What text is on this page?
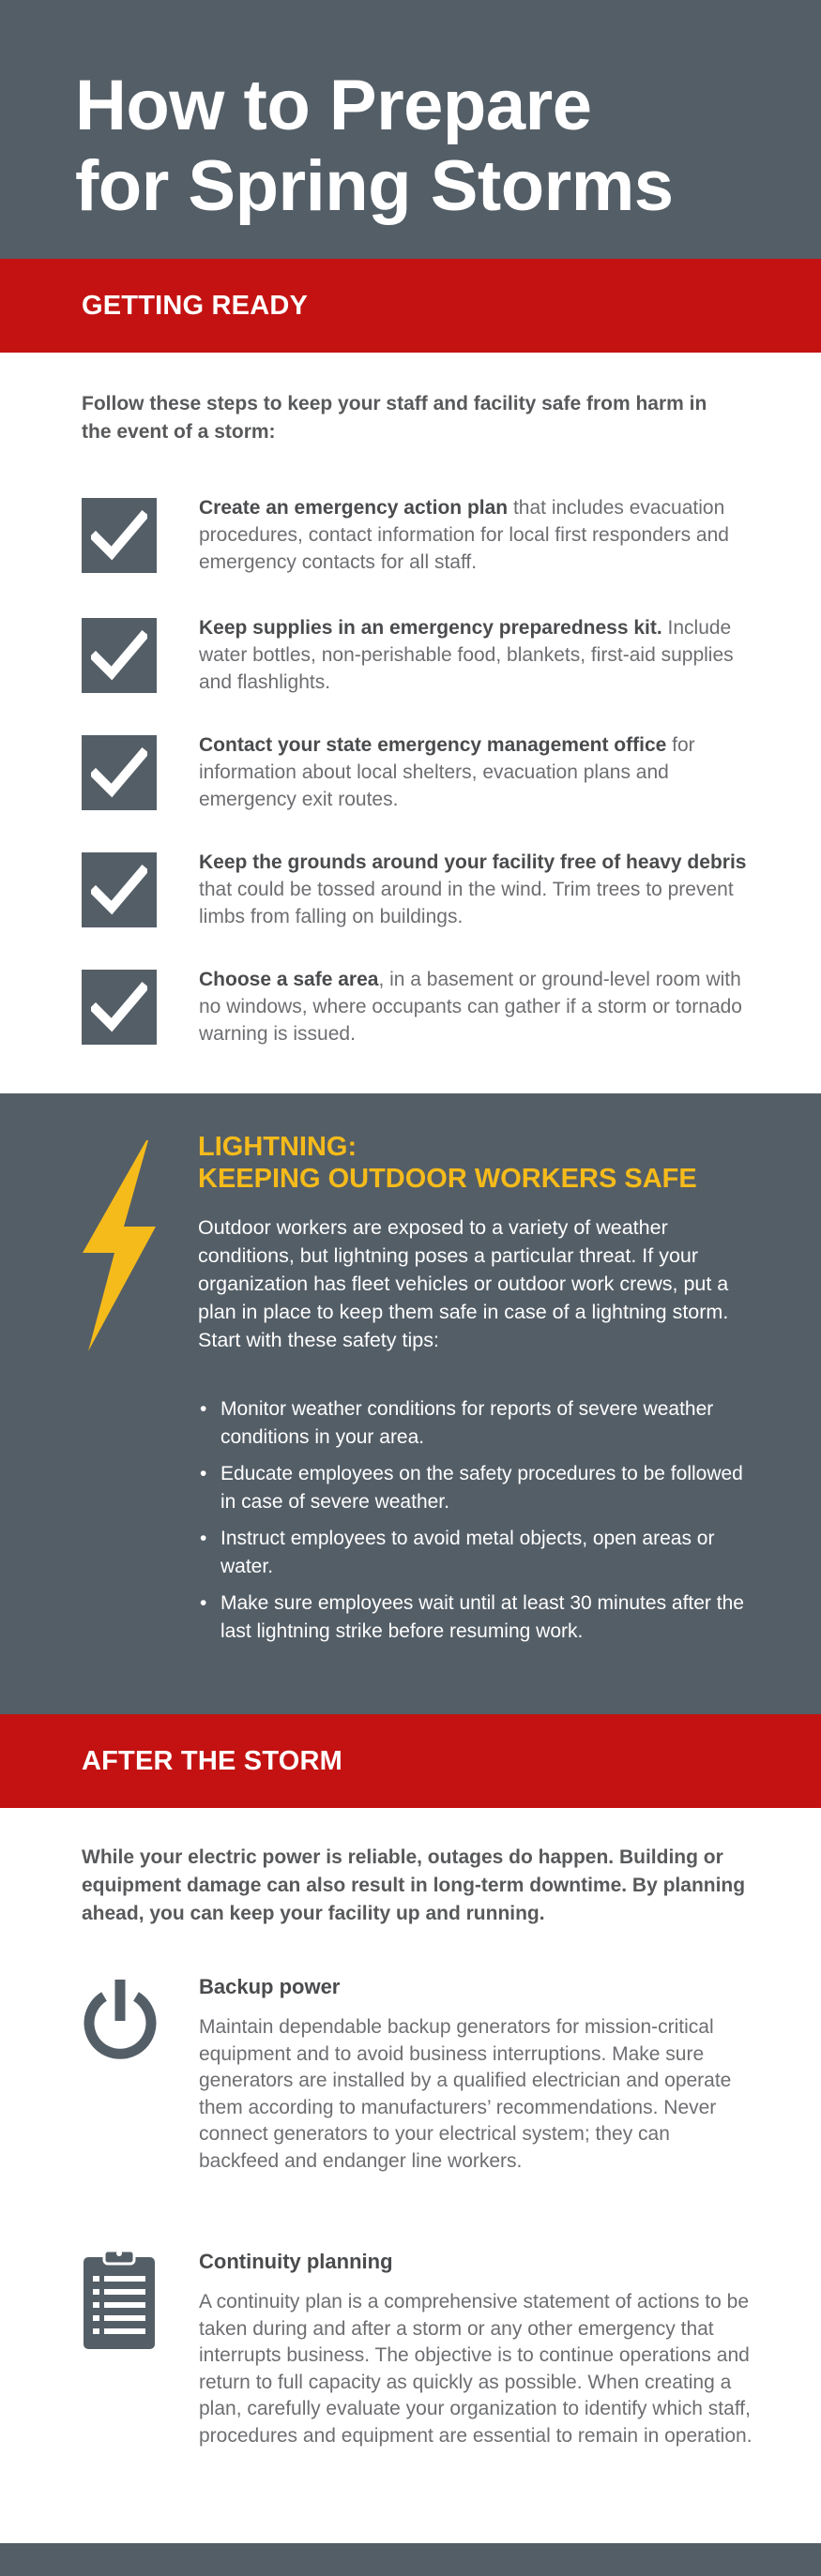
How to Prepare
for Spring Storms
GETTING READY

Follow these steps to keep your staff and facility safe from harm in the event of a storm:

Create an emergency action plan that includes evacuation procedures, contact information for local first responders and emergency contacts for all staff.

Keep supplies in an emergency preparedness kit. Include water bottles, non-perishable food, blankets, first-aid supplies and flashlights.

Contact your state emergency management office for information about local shelters, evacuation plans and emergency exit routes.

Keep the grounds around your facility free of heavy debris that could be tossed around in the wind. Trim trees to prevent limbs from falling on buildings.

Choose a safe area, in a basement or ground-level room with no windows, where occupants can gather if a storm or tornado warning is issued.

LIGHTNING:
KEEPING OUTDOOR WORKERS SAFE

Outdoor workers are exposed to a variety of weather conditions, but lightning poses a particular threat. If your organization has fleet vehicles or outdoor work crews, put a plan in place to keep them safe in case of a lightning storm. Start with these safety tips:

• Monitor weather conditions for reports of severe weather conditions in your area.
• Educate employees on the safety procedures to be followed in case of severe weather.
• Instruct employees to avoid metal objects, open areas or water.
• Make sure employees wait until at least 30 minutes after the last lightning strike before resuming work.
AFTER THE STORM

While your electric power is reliable, outages do happen. Building or equipment damage can also result in long-term downtime. By planning ahead, you can keep your facility up and running.

Backup power

Maintain dependable backup generators for mission-critical equipment and to avoid business interruptions. Make sure generators are installed by a qualified electrician and operate them according to manufacturers’ recommendations. Never connect generators to your electrical system; they can backfeed and endanger line workers.

Continuity planning

A continuity plan is a comprehensive statement of actions to be taken during and after a storm or any other emergency that interrupts business. The objective is to continue operations and return to full capacity as quickly as possible. When creating a plan, carefully evaluate your organization to identify which staff, procedures and equipment are essential to remain in operation.
